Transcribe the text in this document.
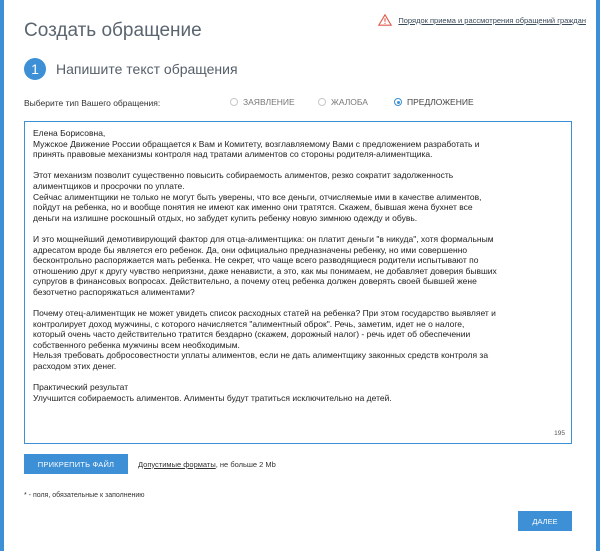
Создать обращение	Порядок приема и рассмотрения обращений граждан
1	Напишите текст обращения
Выберите тип Вашего обращения:	ЗАЯВЛЕНИЕ	ЖАЛОБА	ПРЕДЛОЖЕНИЕ

Елена Борисовна,
Мужское Движение России обращается к Вам и Комитету, возглавляемому Вами с предложением разработать и
принять правовые механизмы контроля над тратами алиментов со стороны родителя-алиментщика.

Этот механизм позволит существенно повысить собираемость алиментов, резко сократит задолженность
алиментщиков и просрочки по уплате.
Сейчас алиментщики не только не могут быть уверены, что все деньги, отчисляемые ими в качестве алиментов,
пойдут на ребенка, но и вообще понятия не имеют как именно они тратятся. Скажем, бывшая жена бухнет все
деньги на излишне роскошный отдых, но забудет купить ребенку новую зимнюю одежду и обувь.

И это мощнейший демотивирующий фактор для отца-алиментщика: он платит деньги "в никуда", хотя формальным
адресатом вроде бы является его ребенок. Да, они официально предназначены ребенку, но ими совершенно
бесконтрольно распоряжается мать ребенка. Не секрет, что чаще всего разводящиеся родители испытывают по
отношению друг к другу чувство неприязни, даже ненависти, а это, как мы понимаем, не добавляет доверия бывших
супругов в финансовых вопросах. Действительно, а почему отец ребенка должен доверять своей бывшей жене
безотчетно распоряжаться алиментами?

Почему отец-алиментщик не может увидеть список расходных статей на ребенка? При этом государство выявляет и
контролирует доход мужчины, с которого начисляется "алиментный оброк". Речь, заметим, идет не о налоге,
который очень часто действительно тратится бездарно (скажем, дорожный налог) - речь идет об обеспечении
собственного ребенка мужчины всем необходимым.
Нельзя требовать добросовестности уплаты алиментов, если не дать алиментщику законных средств контроля за
расходом этих денег.

Практический результат
Улучшится собираемость алиментов. Алименты будут тратиться исключительно на детей.

195
ПРИКРЕПИТЬ ФАЙЛ	Допустимые форматы, не больше 2 Mb
* - поля, обязательные к заполнению
ДАЛЕЕ
